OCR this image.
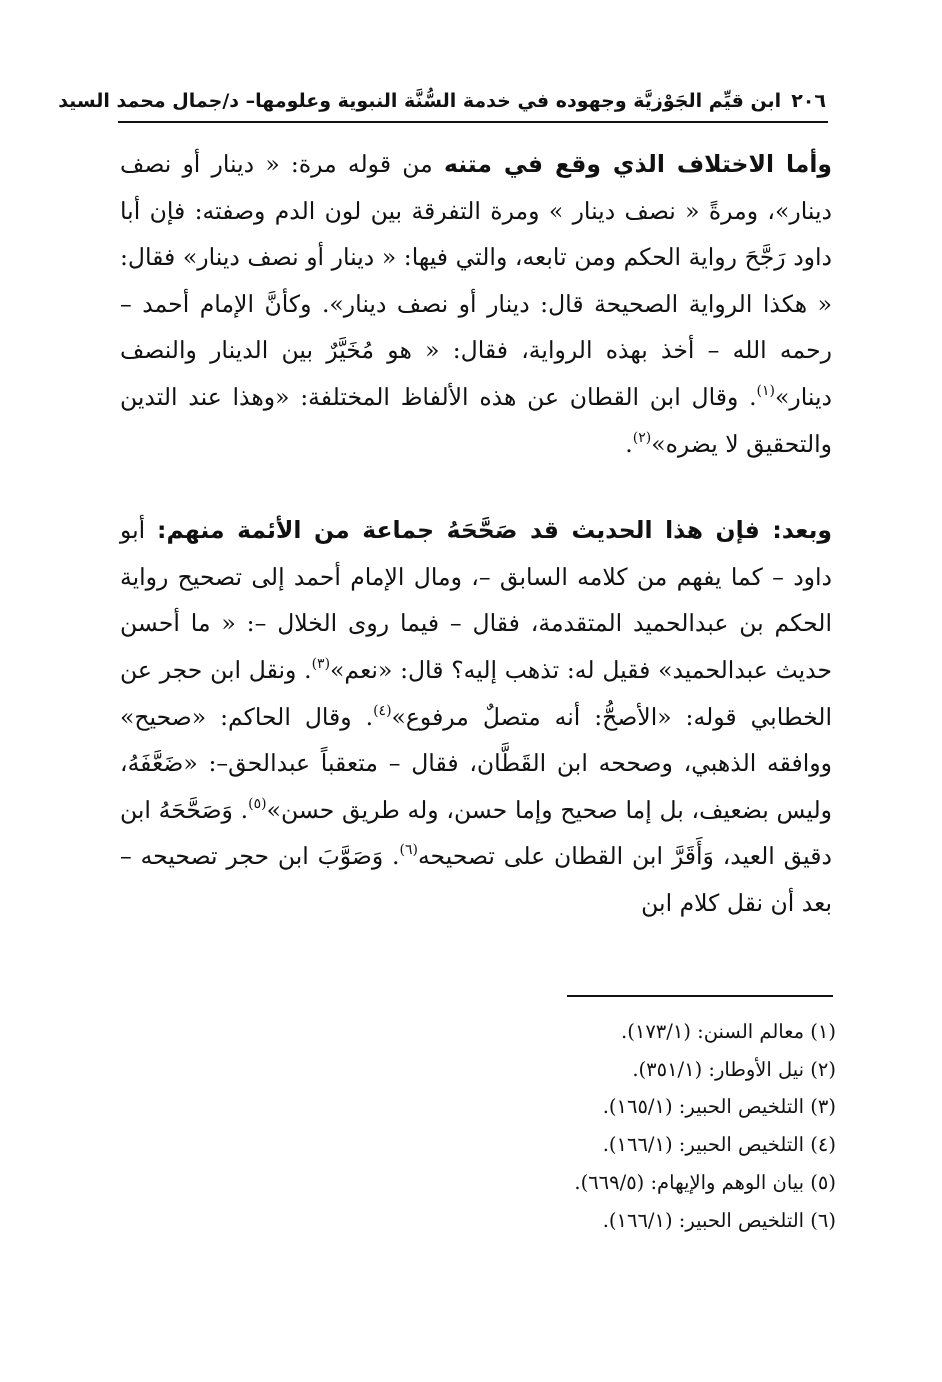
٢٠٦ابن قيِّم الجَوْزيَّة وجهوده في خدمة السُّنَّة النبوية وعلومها– د/جمال محمد السيد

وأما الاختلاف الذي وقع في متنه من قوله مرة: « دينار أو نصف دينار»، ومرةً « نصف دينار » ومرة التفرقة بين لون الدم وصفته: فإن أبا داود رَجَّحَ رواية الحكم ومن تابعه، والتي فيها: « دينار أو نصف دينار» فقال: « هكذا الرواية الصحيحة قال: دينار أو نصف دينار». وكأنَّ الإمام أحمد – رحمه الله – أخذ بهذه الرواية، فقال: « هو مُخَيَّرٌ بين الدينار والنصف دينار»$^{(١)}$. وقال ابن القطان عن هذه الألفاظ المختلفة: «وهذا عند التدين والتحقيق لا يضره»$^{(٢)}$.

وبعد: فإن هذا الحديث قد صَحَّحَهُ جماعة من الأئمة منهم: أبو داود – كما يفهم من كلامه السابق –، ومال الإمام أحمد إلى تصحيح رواية الحكم بن عبدالحميد المتقدمة، فقال – فيما روى الخلال –: « ما أحسن حديث عبدالحميد» فقيل له: تذهب إليه؟ قال: «نعم»$^{(٣)}$. ونقل ابن حجر عن الخطابي قوله: «الأصحُّ: أنه متصلٌ مرفوع»$^{(٤)}$. وقال الحاكم: «صحيح» ووافقه الذهبي، وصححه ابن القَطَّان، فقال – متعقباً عبدالحق–: «ضَعَّفَهُ، وليس بضعيف، بل إما صحيح وإما حسن، وله طريق حسن»$^{(٥)}$. وَصَحَّحَهُ ابن دقيق العيد، وَأَقَرَّ ابن القطان على تصحيحه$^{(٦)}$. وَصَوَّبَ ابن حجر تصحيحه – بعد أن نقل كلام ابن

(١) معالم السنن: (١٧٣/١).
(٢) نيل الأوطار: (٣٥١/١).
(٣) التلخيص الحبير: (١٦٥/١).
(٤) التلخيص الحبير: (١٦٦/١).
(٥) بيان الوهم والإيهام: (٦٦٩/٥).
(٦) التلخيص الحبير: (١٦٦/١).
